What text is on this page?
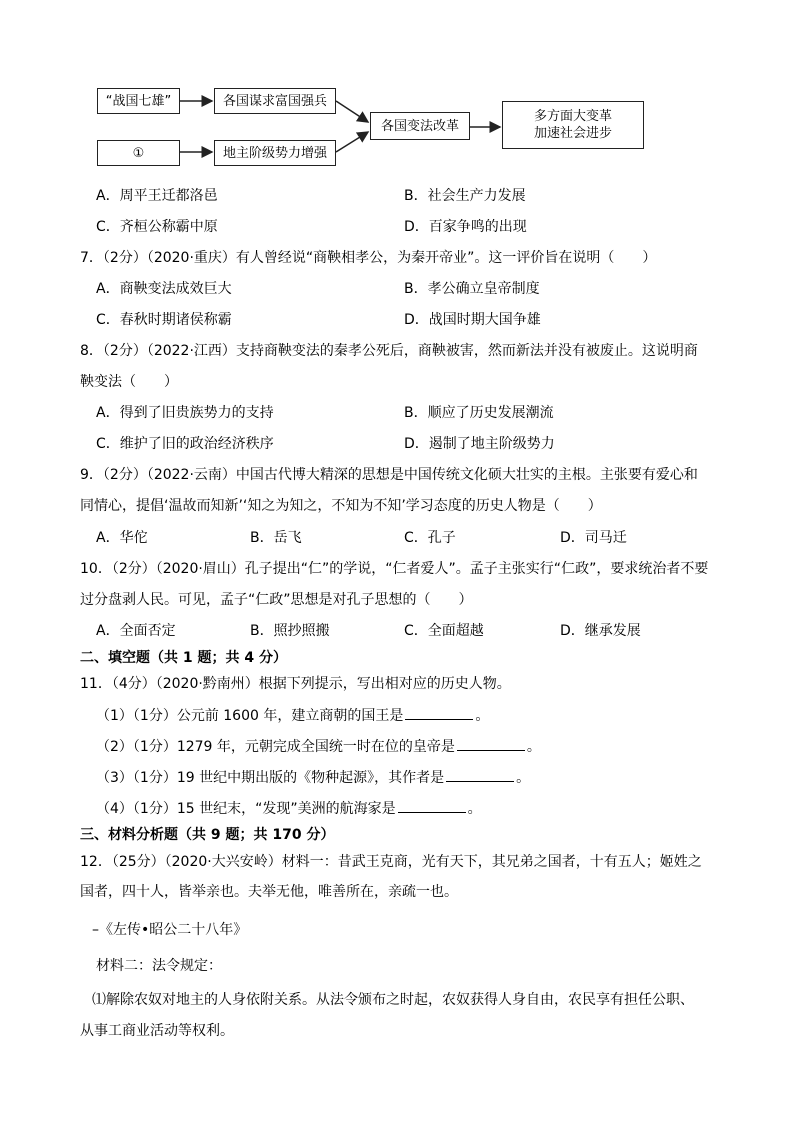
“战国七雄”
①
各国谋求富国强兵
地主阶级势力增强
各国变法改革
多方面大变革
加速社会进步
A．周平王迁都洛邑	B．社会生产力发展
C．齐桓公称霸中原	D．百家争鸣的出现
7．（2分）（2020·重庆）有人曾经说“商鞅相孝公，为秦开帝业”。这一评价旨在说明（　　）
A．商鞅变法成效巨大	B．孝公确立皇帝制度
C．春秋时期诸侯称霸	D．战国时期大国争雄
8．（2分）（2022·江西）支持商鞅变法的秦孝公死后，商鞅被害，然而新法并没有被废止。这说明商
鞅变法（　　）
A．得到了旧贵族势力的支持	B．顺应了历史发展潮流
C．维护了旧的政治经济秩序	D．遏制了地主阶级势力
9．（2分）（2022·云南）中国古代博大精深的思想是中国传统文化硕大壮实的主根。主张要有爱心和
同情心，提倡‘温故而知新’‘知之为知之，不知为不知’学习态度的历史人物是（　　）
A．华佗	B．岳飞	C．孔子	D．司马迁
10．（2分）（2020·眉山）孔子提出“仁”的学说，“仁者爱人”。孟子主张实行“仁政”，要求统治者不要
过分盘剥人民。可见，孟子“仁政”思想是对孔子思想的（　　）
A．全面否定	B．照抄照搬	C．全面超越	D．继承发展
二、填空题（共 1 题；共 4 分）
11．（4分）（2020·黔南州）根据下列提示，写出相对应的历史人物。
（1）（1分）公元前 1600 年，建立商朝的国王是	。
（2）（1分）1279 年，元朝完成全国统一时在位的皇帝是	。
（3）（1分）19 世纪中期出版的《物种起源》，其作者是	。
（4）（1分）15 世纪末，“发现”美洲的航海家是	。
三、材料分析题（共 9 题；共 170 分）
12．（25分）（2020·大兴安岭）材料一：昔武王克商，光有天下，其兄弟之国者，十有五人；姬姓之
国者，四十人，皆举亲也。夫举无他，唯善所在，亲疏一也。
–《左传•昭公二十八年》
材料二：法令规定：
⑴解除农奴对地主的人身依附关系。从法令颁布之时起，农奴获得人身自由，农民享有担任公职、
从事工商业活动等权利。
